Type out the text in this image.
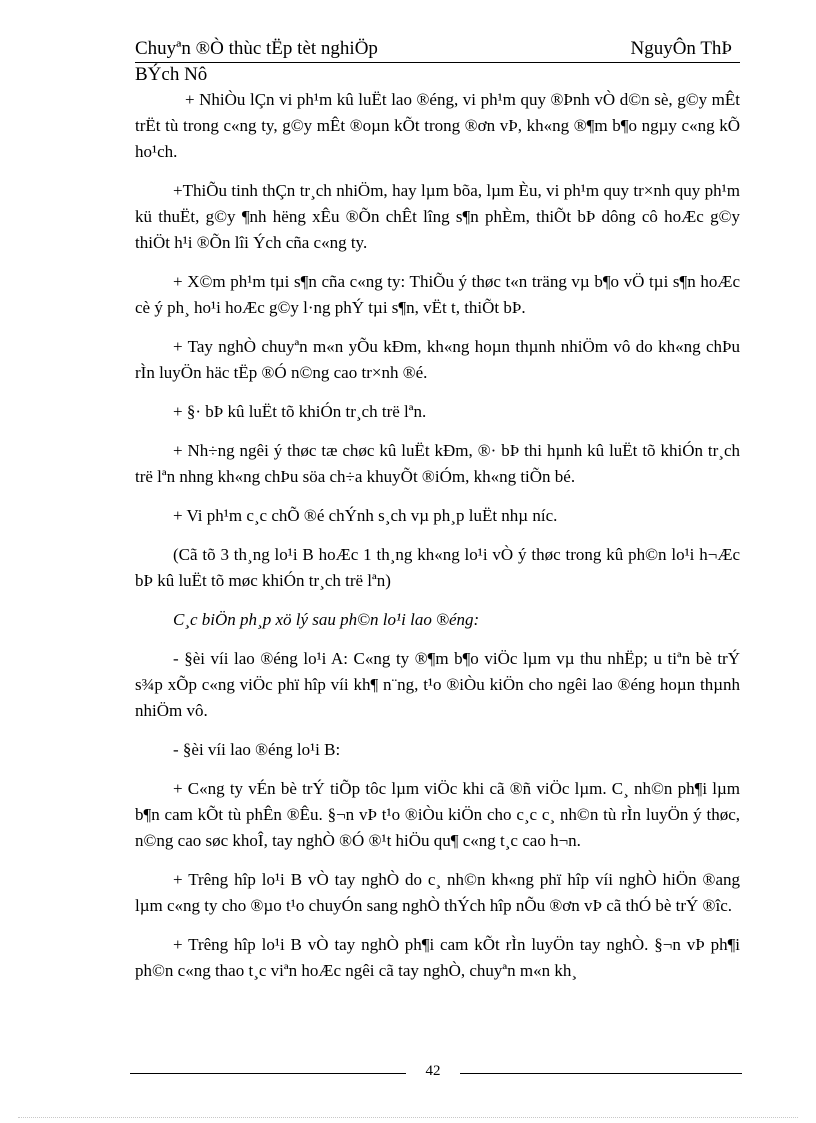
Chuyªn ®Ò thùc tËp tèt nghiÖp	NguyÔn ThÞ
BÝch Nô

+ NhiÒu lÇn vi ph¹m kû luËt lao ®éng, vi ph¹m quy ®Þnh vÒ d©n sè, g©y mÊt trËt tù trong c«ng ty, g©y mÊt ®oµn kÕt trong ®ơn vÞ, kh«ng ®¶m b¶o ngµy c«ng kÕ ho¹ch.

+ThiÕu tinh thÇn tr¸ch nhiÖm, hay lµm bõa, lµm Èu, vi ph¹m quy tr×nh quy ph¹m kü thuËt, g©y ¶nh hëng xÊu ®Õn chÊt lîng s¶n phÈm, thiÕt bÞ dông cô hoÆc g©y thiÖt h¹i ®Õn lîi Ých cña c«ng ty.

+ X©m ph¹m tµi s¶n cña c«ng ty: ThiÕu ý thøc t«n träng vµ b¶o vÖ tµi s¶n hoÆc cè ý ph¸ ho¹i hoÆc g©y l·ng phÝ tµi s¶n, vËt t, thiÕt bÞ.

+ Tay nghÒ chuyªn m«n yÕu kÐm, kh«ng hoµn thµnh nhiÖm vô do kh«ng chÞu rÌn luyÖn häc tËp ®Ó n©ng cao tr×nh ®é.

+ §· bÞ kû luËt tõ khiÓn tr¸ch trë lªn.

+ Nh÷ng ngêi ý thøc tæ chøc kû luËt kÐm, ®· bÞ thi hµnh kû luËt tõ khiÓn tr¸ch trë lªn nhng kh«ng chÞu söa ch÷a khuyÕt ®iÓm, kh«ng tiÕn bé.

+ Vi ph¹m c¸c chÕ ®é chÝnh s¸ch vµ ph¸p luËt nhµ níc.

(Cã tõ 3 th¸ng lo¹i B hoÆc 1 th¸ng kh«ng lo¹i vÒ ý thøc trong kû ph©n lo¹i h¬Æc bÞ kû luËt tõ møc khiÓn tr¸ch trë lªn)

C¸c biÖn ph¸p xö lý sau ph©n lo¹i lao ®éng:

- §èi víi lao ®éng lo¹i A: C«ng ty ®¶m b¶o viÖc lµm vµ thu nhËp; u tiªn bè trÝ s¾p xÕp c«ng viÖc phï hîp víi kh¶ n¨ng, t¹o ®iÒu kiÖn cho ngêi lao ®éng hoµn thµnh nhiÖm vô.

- §èi víi lao ®éng lo¹i B:

+ C«ng ty vÉn bè trÝ tiÕp tôc lµm viÖc khi cã ®ñ viÖc lµm. C¸ nh©n ph¶i lµm b¶n cam kÕt tù phÊn ®Êu. §¬n vÞ t¹o ®iÒu kiÖn cho c¸c c¸ nh©n tù rÌn luyÖn ý thøc, n©ng cao søc khoÎ, tay nghÒ ®Ó ®¹t hiÖu qu¶ c«ng t¸c cao h¬n.

+ Trêng hîp lo¹i B vÒ tay nghÒ do c¸ nh©n kh«ng phï hîp víi nghÒ hiÖn ®ang lµm c«ng ty cho ®µo t¹o chuyÓn sang nghÒ thÝch hîp nÕu ®ơn vÞ cã thÓ bè trÝ ®îc.

+ Trêng hîp lo¹i B vÒ tay nghÒ ph¶i cam kÕt rÌn luyÖn tay nghÒ. §¬n vÞ ph¶i ph©n c«ng thao t¸c viªn hoÆc ngêi cã tay nghÒ, chuyªn m«n kh¸

42
